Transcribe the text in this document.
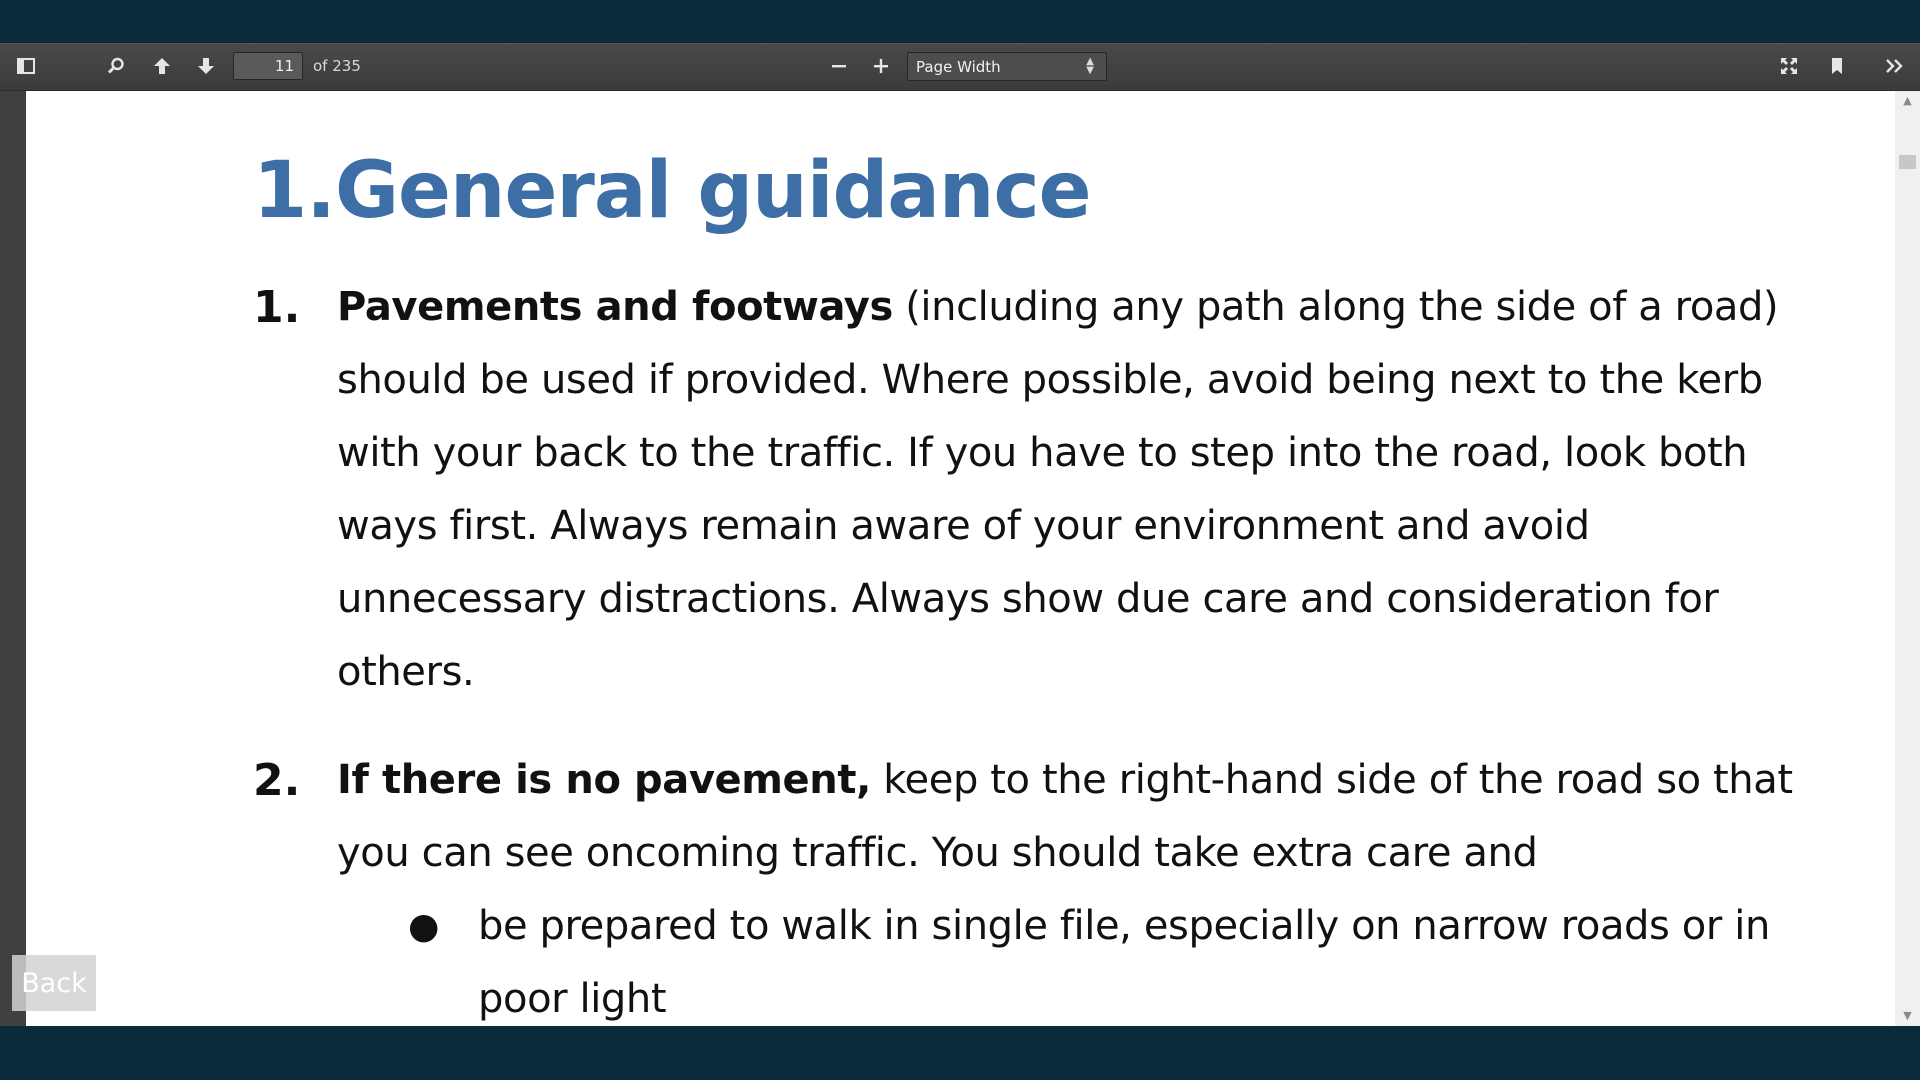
11
of 235	Page Width	▲
▼
1.General guidance
1. Pavements and footways (including any path along the side of a road) should be used if provided. Where possible, avoid being next to the kerb with your back to the traffic. If you have to step into the road, look both ways first. Always remain aware of your environment and avoid unnecessary distractions. Always show due care and consideration for others.
2. If there is no pavement, keep to the right-hand side of the road so that you can see oncoming traffic. You should take extra care and
● be prepared to walk in single file, especially on narrow roads or in poor light
▲
▼
Back
